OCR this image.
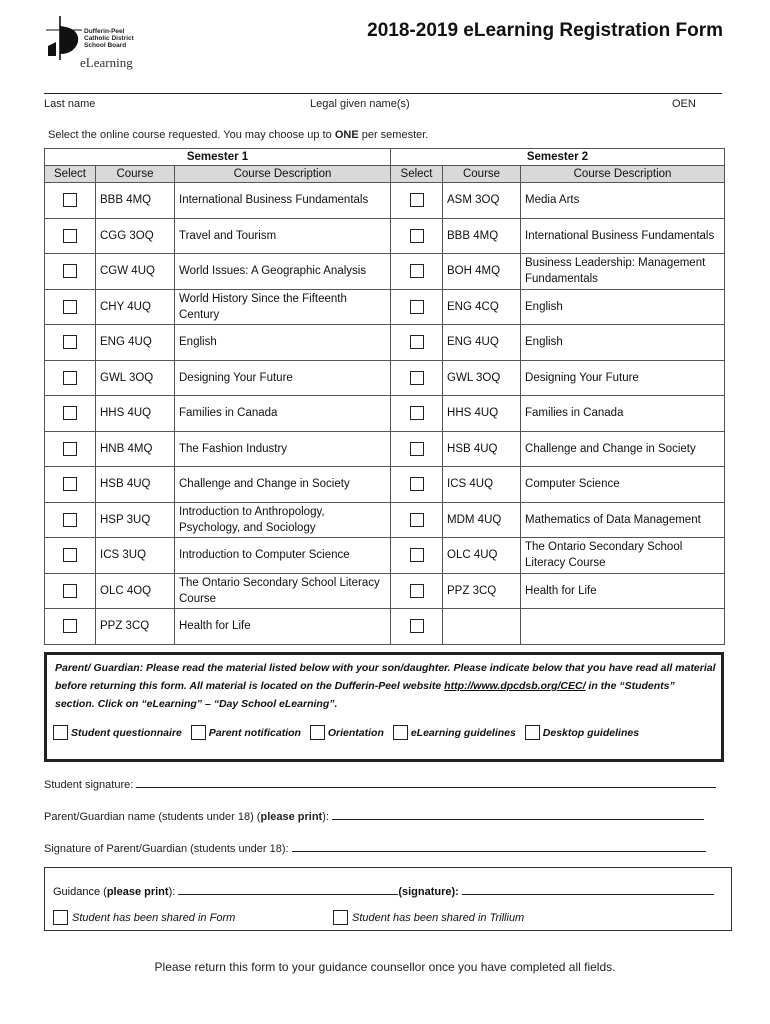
Dufferin-Peel
Catholic District
School Board
eLearning
2018-2019 eLearning Registration Form
Last name	Legal given name(s)	OEN
Select the online course requested. You may choose up to ONE per semester.
Semester 1			Semester 2		
Select	Course	Course Description	Select	Course	Course Description
	BBB 4MQ	International Business Fundamentals		ASM 3OQ	Media Arts
	CGG 3OQ	Travel and Tourism		BBB 4MQ	International Business Fundamentals
	CGW 4UQ	World Issues: A Geographic Analysis		BOH 4MQ	Business Leadership: Management Fundamentals
	CHY 4UQ	World History Since the Fifteenth Century		ENG 4CQ	English
	ENG 4UQ	English		ENG 4UQ	English
	GWL 3OQ	Designing Your Future		GWL 3OQ	Designing Your Future
	HHS 4UQ	Families in Canada		HHS 4UQ	Families in Canada
	HNB 4MQ	The Fashion Industry		HSB 4UQ	Challenge and Change in Society
	HSB 4UQ	Challenge and Change in Society		ICS 4UQ	Computer Science
	HSP 3UQ	Introduction to Anthropology, Psychology, and Sociology		MDM 4UQ	Mathematics of Data Management
	ICS 3UQ	Introduction to Computer Science		OLC 4UQ	The Ontario Secondary School Literacy Course
	OLC 4OQ	The Ontario Secondary School Literacy Course		PPZ 3CQ	Health for Life
	PPZ 3CQ	Health for Life			
Parent/ Guardian: Please read the material listed below with your son/daughter. Please indicate below that you have read all material before returning this form. All material is located on the Dufferin-Peel website http://www.dpcdsb.org/CEC/ in the “Students” section. Click on “eLearning” – “Day School eLearning”.
Student questionnaire
	Parent notification
	Orientation
	eLearning guidelines
	Desktop guidelines
Student signature:
Parent/Guardian name (students under 18) (please print):
Signature of Parent/Guardian (students under 18):
Guidance (please print):	(signature):
Student has been shared in Form	Student has been shared in Trillium
Please return this form to your guidance counsellor once you have completed all fields.
